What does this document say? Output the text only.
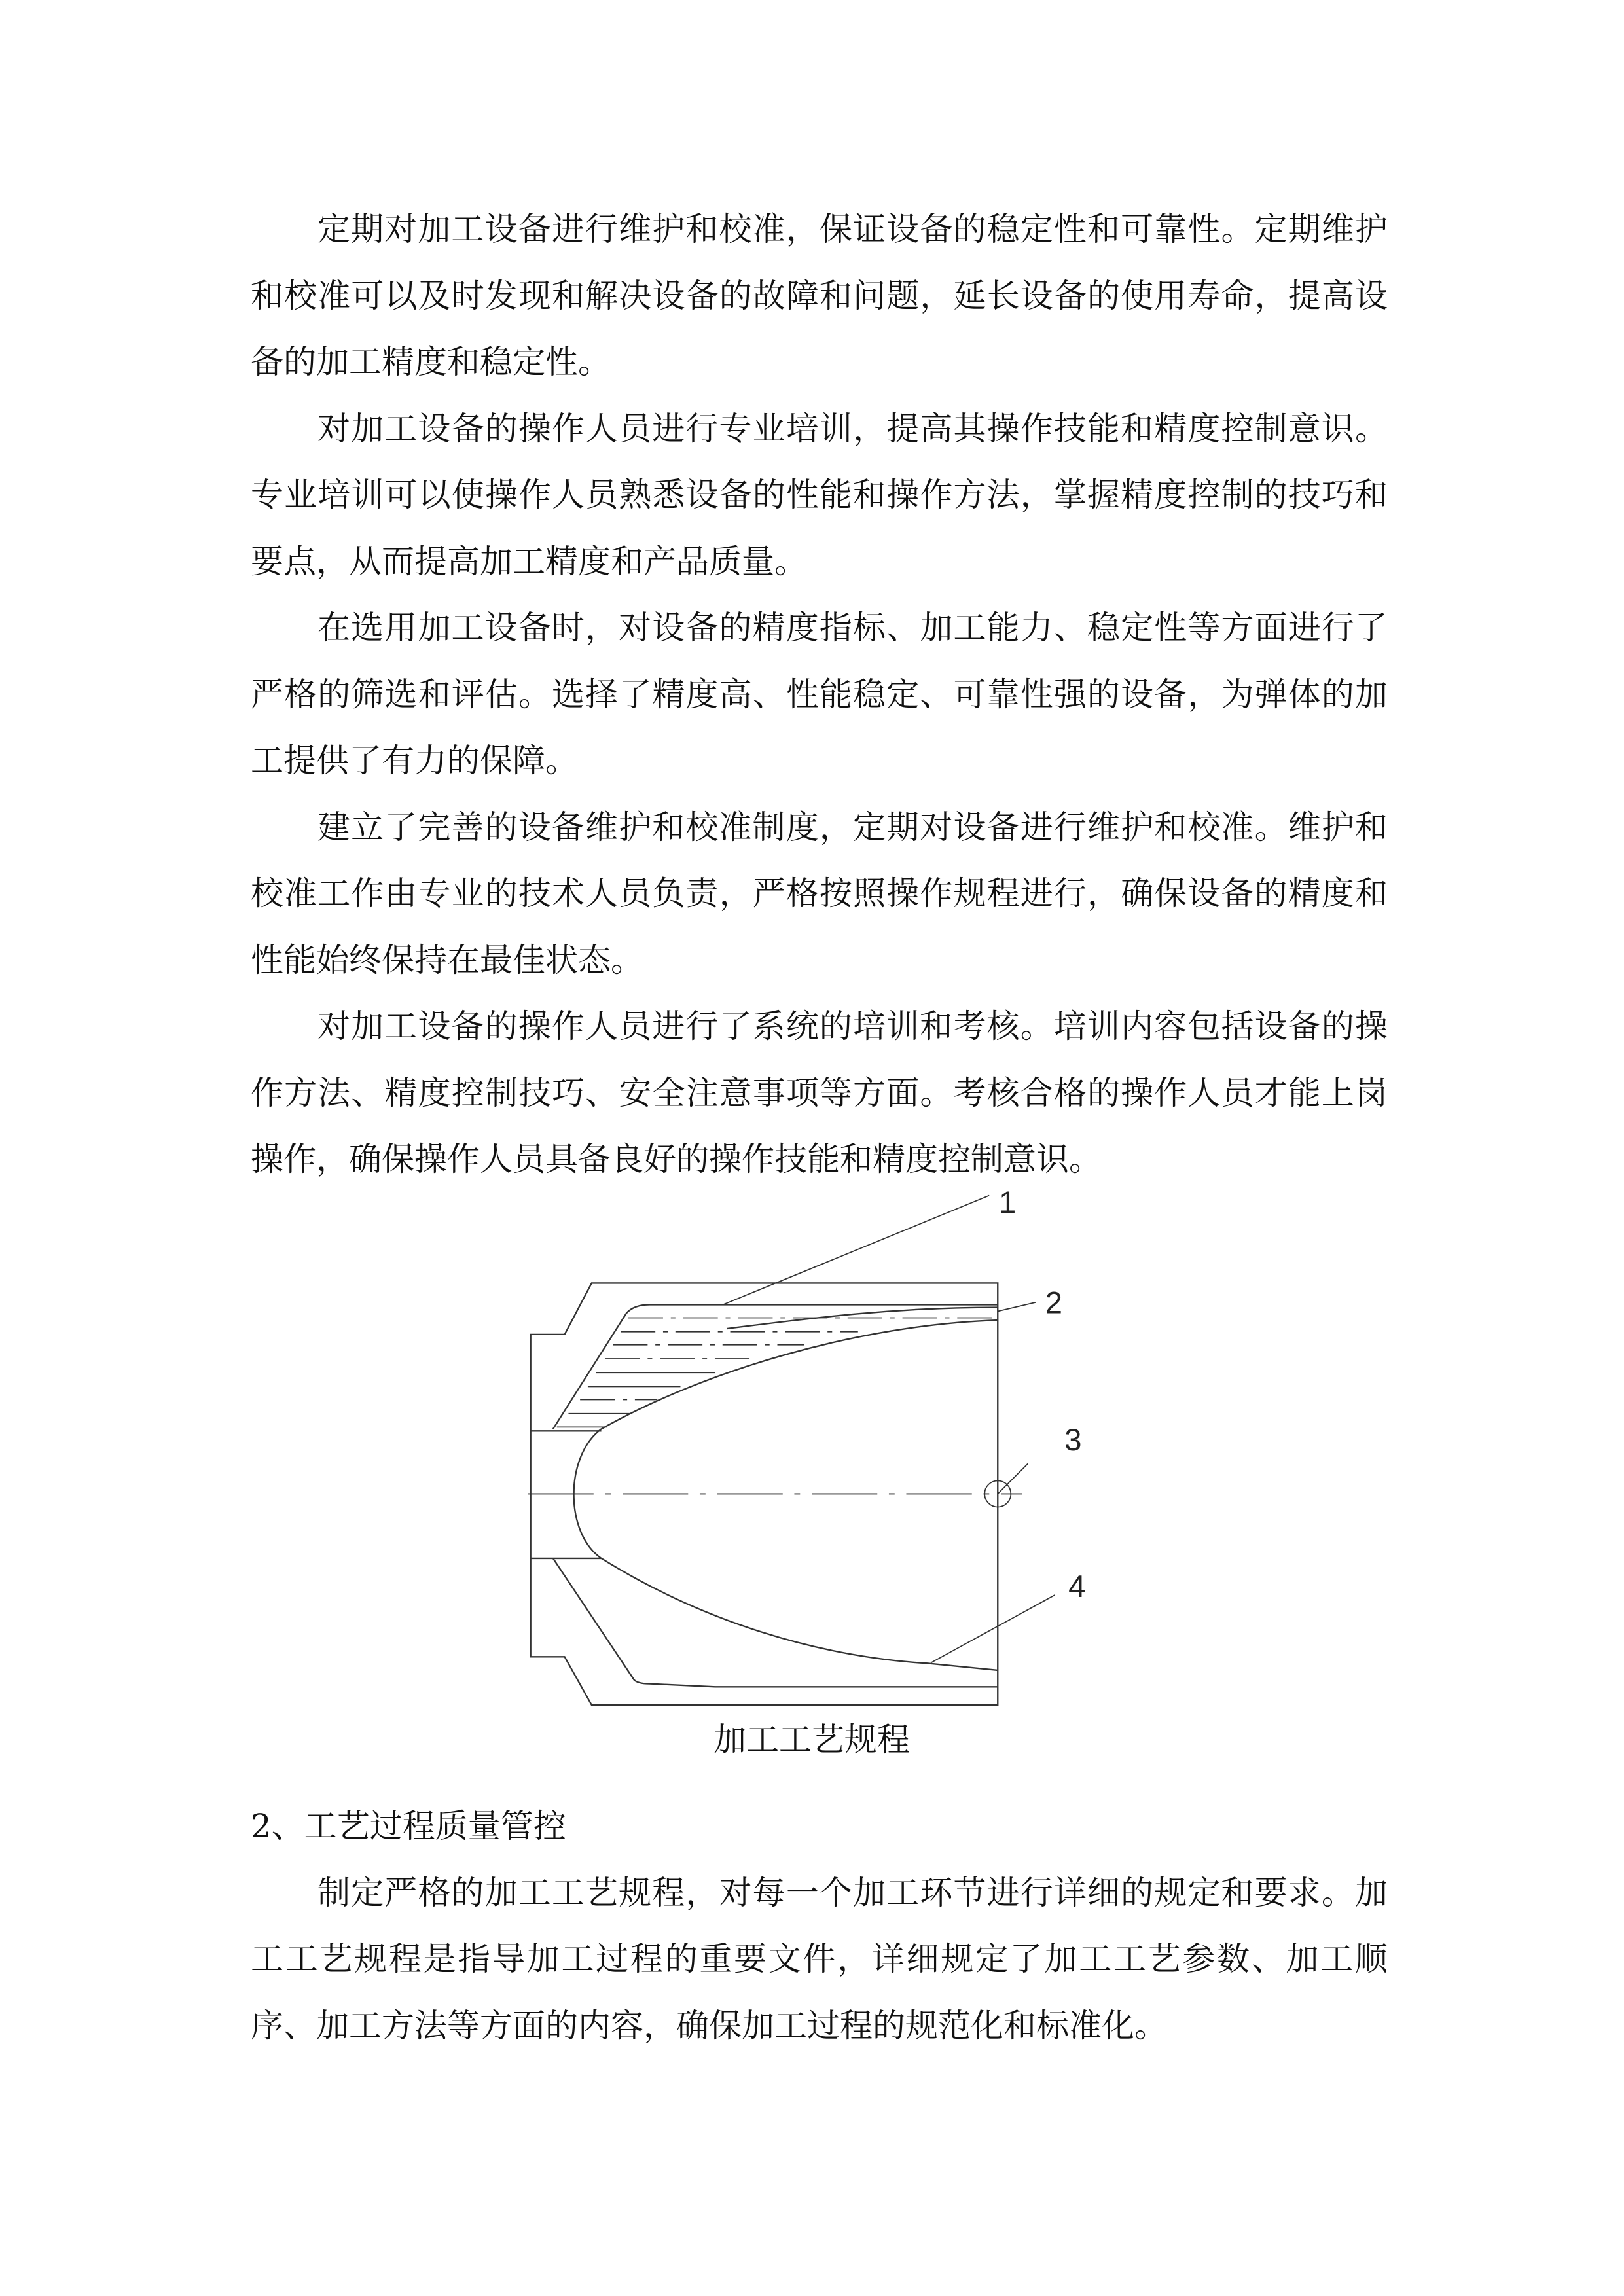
定期对加工设备进行维护和校准，保证设备的稳定性和可靠性。定期维护
和校准可以及时发现和解决设备的故障和问题，延长设备的使用寿命，提高设
备的加工精度和稳定性。
对加工设备的操作人员进行专业培训，提高其操作技能和精度控制意识。
专业培训可以使操作人员熟悉设备的性能和操作方法，掌握精度控制的技巧和
要点，从而提高加工精度和产品质量。
在选用加工设备时，对设备的精度指标、加工能力、稳定性等方面进行了
严格的筛选和评估。选择了精度高、性能稳定、可靠性强的设备，为弹体的加
工提供了有力的保障。
建立了完善的设备维护和校准制度，定期对设备进行维护和校准。维护和
校准工作由专业的技术人员负责，严格按照操作规程进行，确保设备的精度和
性能始终保持在最佳状态。
对加工设备的操作人员进行了系统的培训和考核。培训内容包括设备的操
作方法、精度控制技巧、安全注意事项等方面。考核合格的操作人员才能上岗
操作，确保操作人员具备良好的操作技能和精度控制意识。
1
2
3
4
加工工艺规程
2、工艺过程质量管控
制定严格的加工工艺规程，对每一个加工环节进行详细的规定和要求。加
工工艺规程是指导加工过程的重要文件，详细规定了加工工艺参数、加工顺
序、加工方法等方面的内容，确保加工过程的规范化和标准化。
